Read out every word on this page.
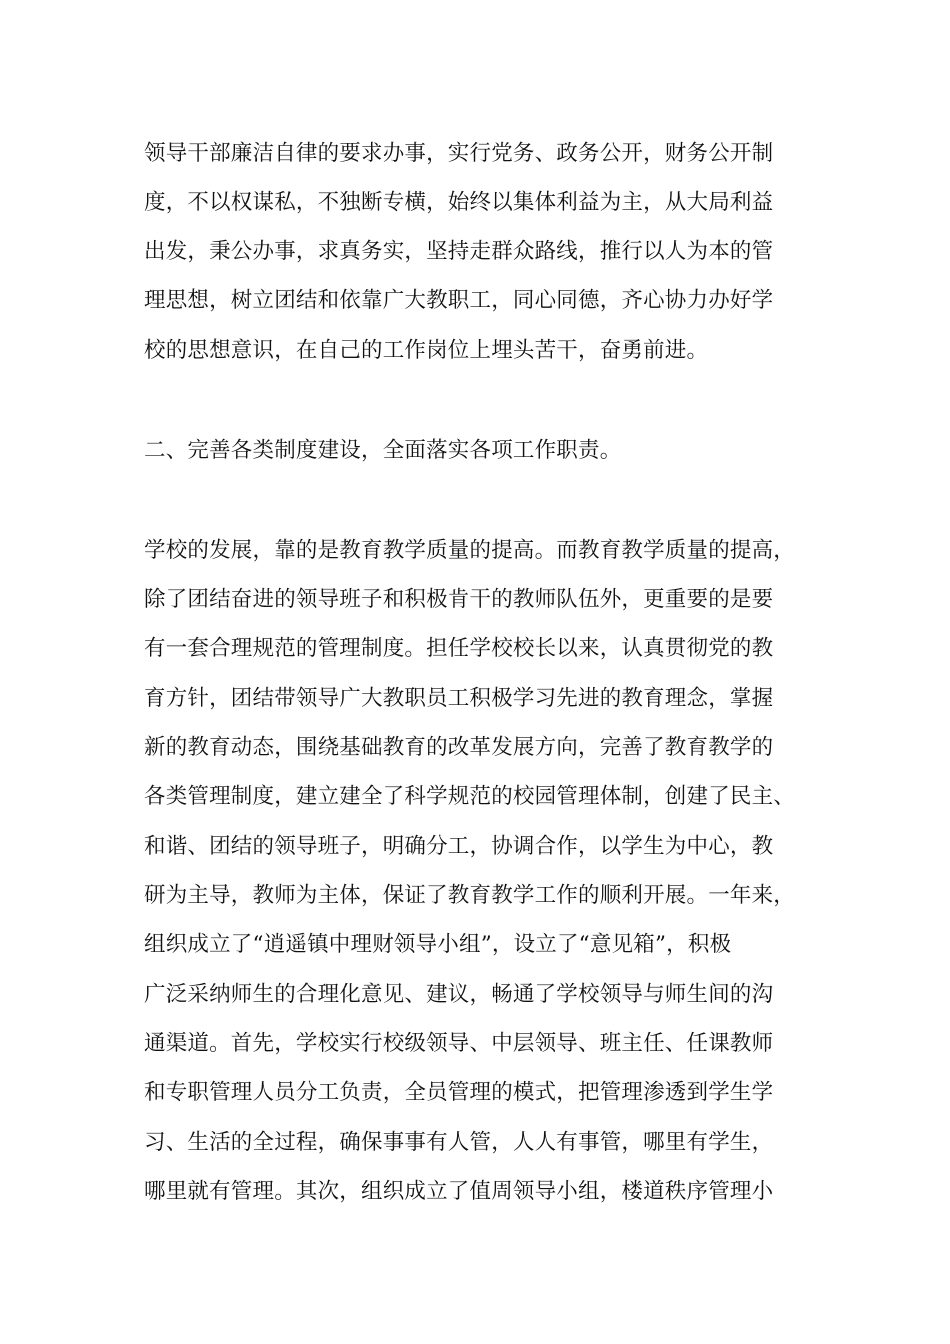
领导干部廉洁自律的要求办事，实行党务、政务公开，财务公开制
度，不以权谋私，不独断专横，始终以集体利益为主，从大局利益
出发，秉公办事，求真务实，坚持走群众路线，推行以人为本的管
理思想，树立团结和依靠广大教职工，同心同德，齐心协力办好学
校的思想意识，在自己的工作岗位上埋头苦干，奋勇前进。
二、完善各类制度建设，全面落实各项工作职责。
学校的发展，靠的是教育教学质量的提高。而教育教学质量的提高，
除了团结奋进的领导班子和积极肯干的教师队伍外，更重要的是要
有一套合理规范的管理制度。担任学校校长以来，认真贯彻党的教
育方针，团结带领导广大教职员工积极学习先进的教育理念，掌握
新的教育动态，围绕基础教育的改革发展方向，完善了教育教学的
各类管理制度，建立建全了科学规范的校园管理体制，创建了民主、
和谐、团结的领导班子，明确分工，协调合作，以学生为中心，教
研为主导，教师为主体，保证了教育教学工作的顺利开展。一年来，
组织成立了“逍遥镇中理财领导小组”，设立了“意见箱”，积极
广泛采纳师生的合理化意见、建议，畅通了学校领导与师生间的沟
通渠道。首先，学校实行校级领导、中层领导、班主任、任课教师
和专职管理人员分工负责，全员管理的模式，把管理渗透到学生学
习、生活的全过程，确保事事有人管，人人有事管，哪里有学生，
哪里就有管理。其次，组织成立了值周领导小组，楼道秩序管理小
